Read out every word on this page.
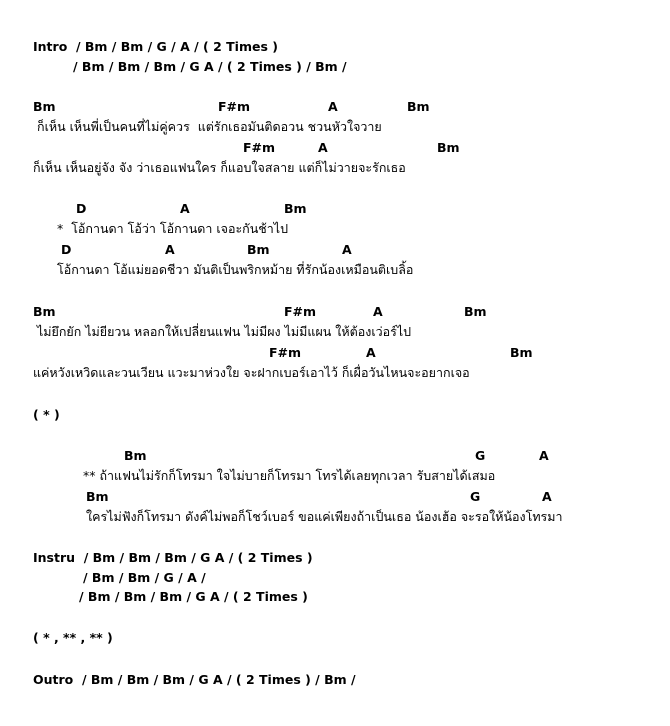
Intro  / Bm / Bm / G / A / ( 2 Times )
/ Bm / Bm / Bm / G A / ( 2 Times ) / Bm /
Bm	F#m	A	Bm
ก็เห็น เห็นพี่เป็นคนที่ไม่คู่ควร  แต่รักเธอมันติดอวน ชวนหัวใจวาย
F#m	A	Bm
ก็เห็น เห็นอยู่จัง จัง ว่าเธอแฟนใคร ก็แอบใจสลาย แต่ก็ไม่วายจะรักเธอ
D	A	Bm
*  โอ้กานดา โอ้ว่า โอ้กานดา เจอะกันช้าไป
D	A	Bm	A
โอ้กานดา โอ้แม่ยอดชีวา มันติเป็นพริกหม้าย ที่รักน้องเหมือนติเบลิ้อ
Bm	F#m	A	Bm
ไม่ยึกยัก ไม่ยียวน หลอกให้เปลี่ยนแฟน ไม่มีผง ไม่มีแผน ให้ต้องเว่อร์ไป
F#m	A	Bm
แค่หวังเหวิดและวนเวียน แวะมาห่วงใย จะฝากเบอร์เอาไว้ ก็เผื่อวันไหนจะอยากเจอ
( * )
Bm	G	A
** ถ้าแฟนไม่รักก็โทรมา ใจไม่บายก็โทรมา โทรได้เลยทุกเวลา รับสายได้เสมอ
Bm	G	A
ใครไม่ฟังก็โทรมา ดังค์ไม่พอก็โชว์เบอร์ ขอแค่เพียงถ้าเป็นเธอ น้องเฮ้อ จะรอให้น้องโทรมา
Instru  / Bm / Bm / Bm / G A / ( 2 Times )
/ Bm / Bm / G / A /
/ Bm / Bm / Bm / G A / ( 2 Times )
( * , ** , ** )
Outro  / Bm / Bm / Bm / G A / ( 2 Times ) / Bm /
